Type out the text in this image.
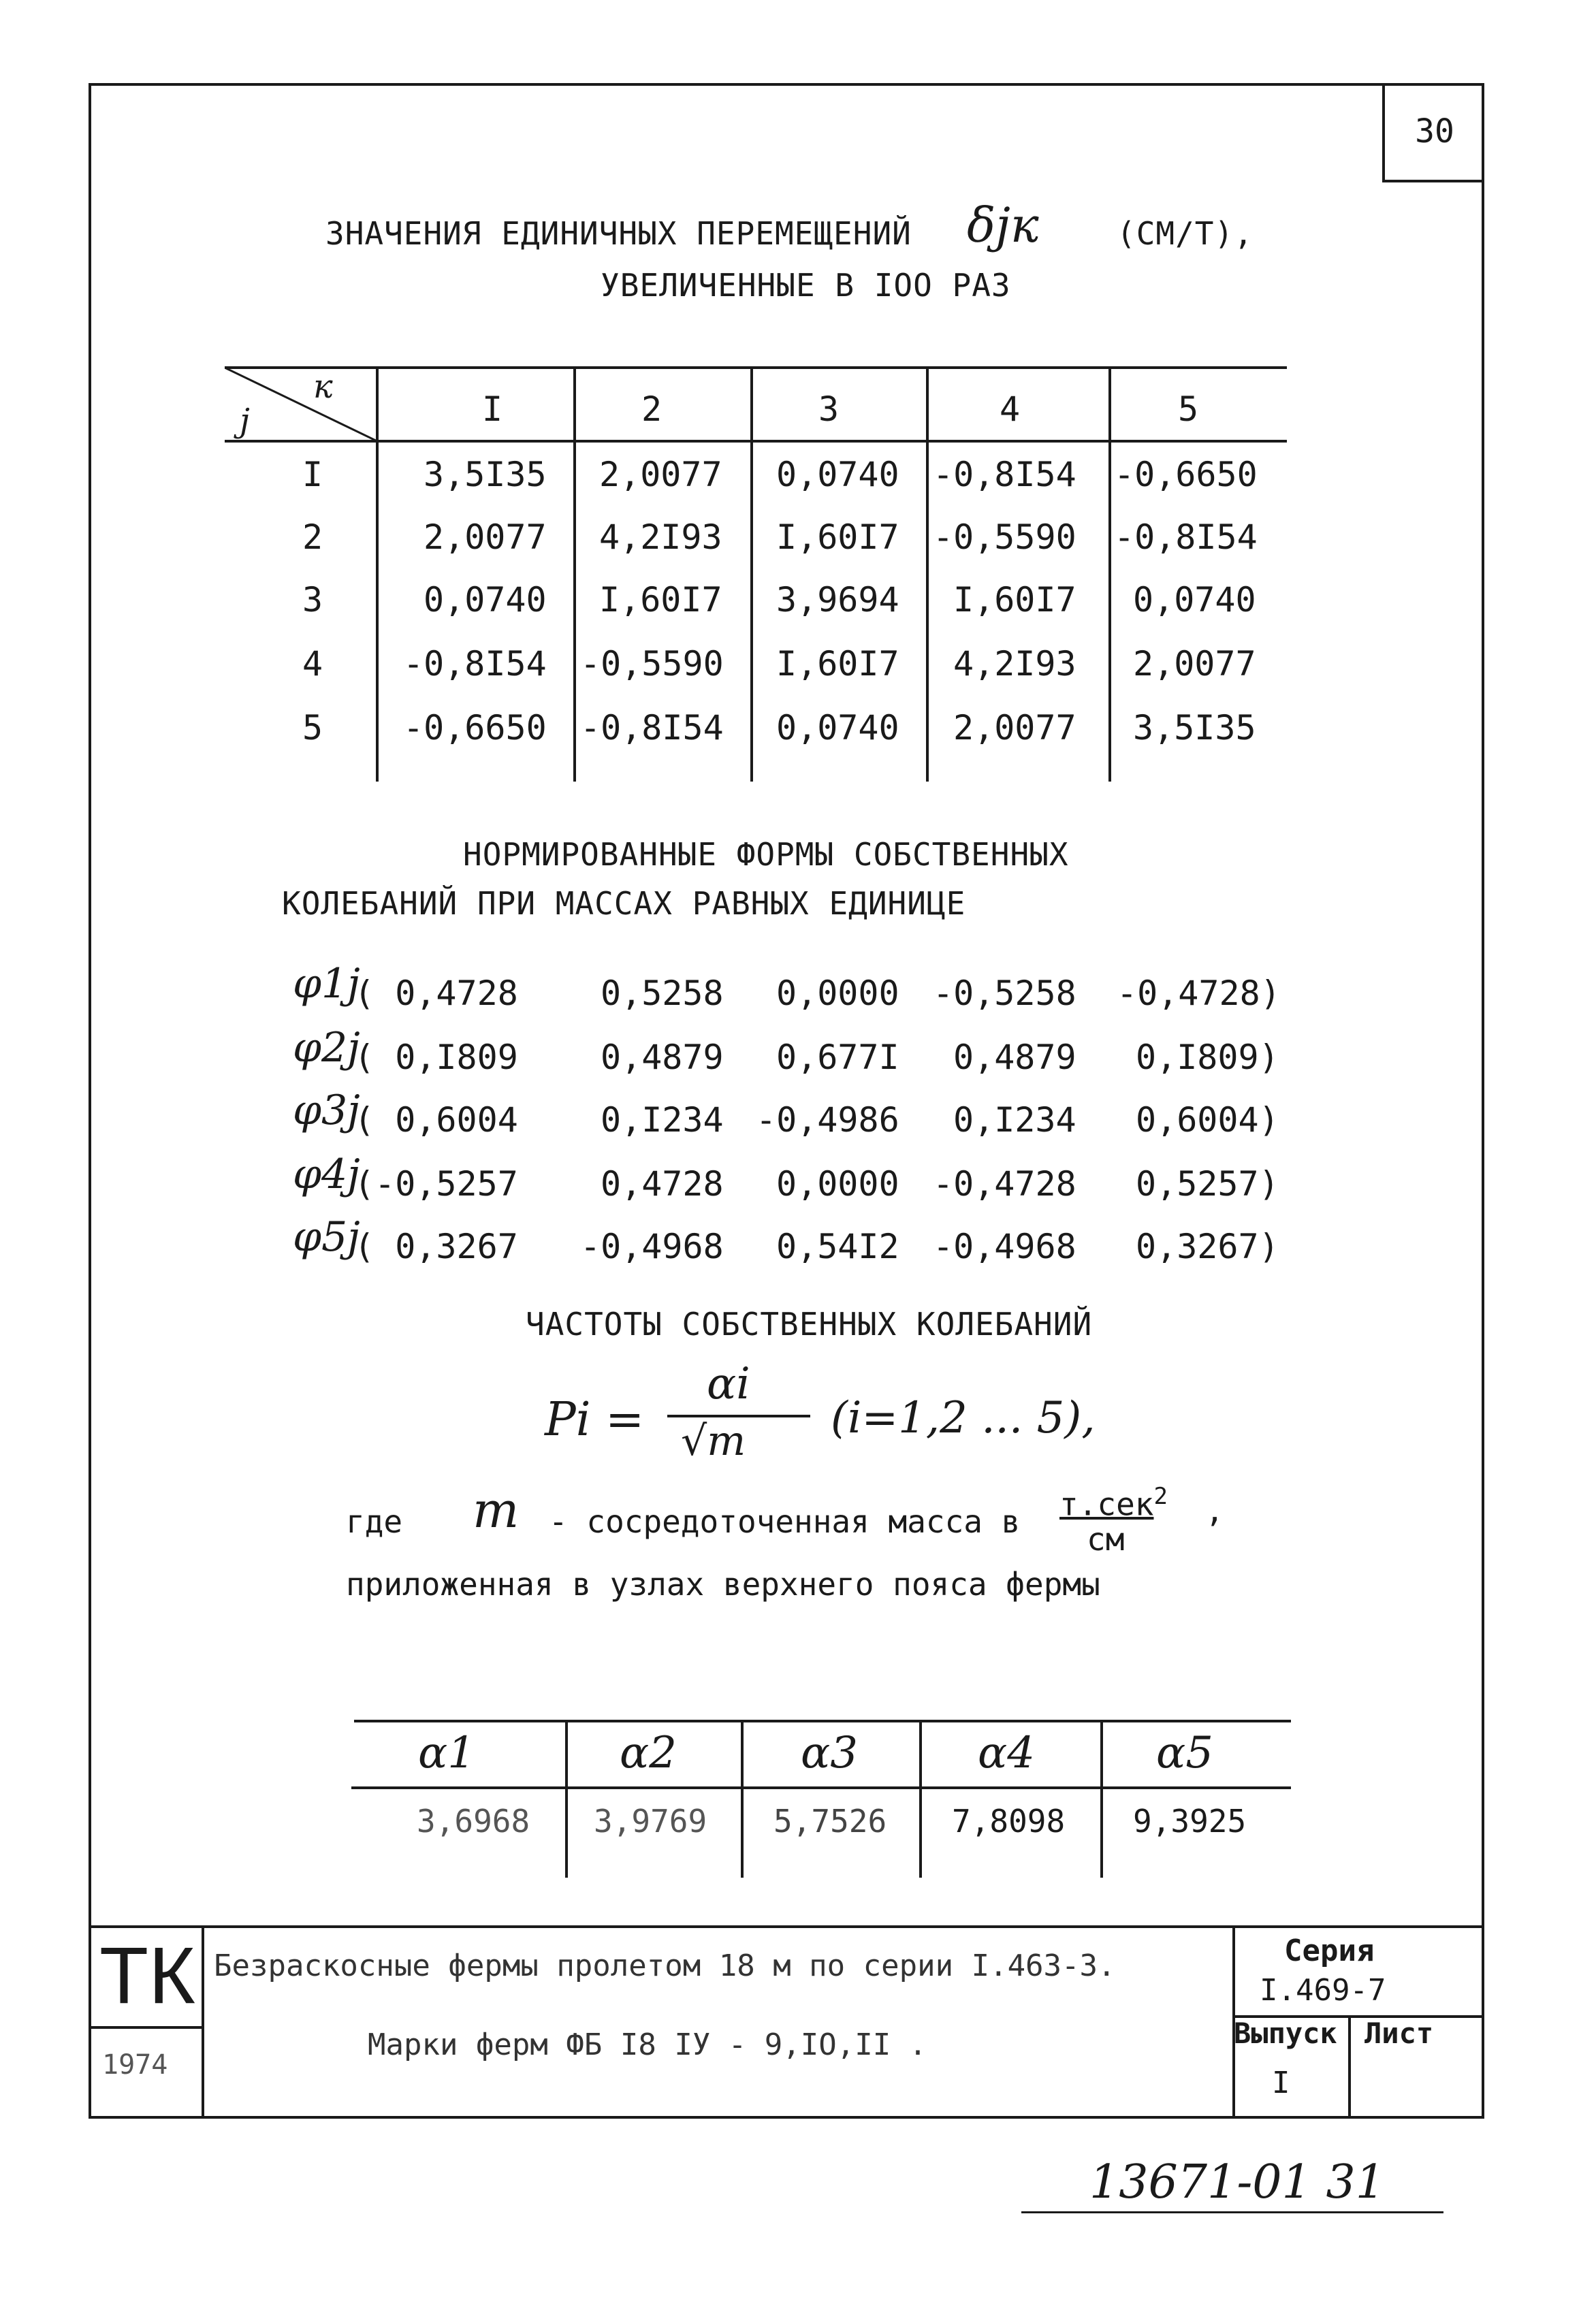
30
ЗНАЧЕНИЯ ЕДИНИЧНЫХ ПЕРЕМЕЩЕНИЙ δjк (СМ/Т),
УВЕЛИЧЕННЫЕ В IOO РАЗ
к
j	I	2	3	4	5
I	3,5I35 2,0077 0,0740 -0,8I54 -0,6650
2	2,0077 4,2I93 I,60I7 -0,5590 -0,8I54
3	0,0740 I,60I7 3,9694 I,60I7 0,0740
4 -0,8I54 -0,5590 I,60I7 4,2I93 2,0077
5 -0,6650 -0,8I54 0,0740 2,0077 3,5I35
НОРМИРОВАННЫЕ ФОРМЫ СОБСТВЕННЫХ
КОЛЕБАНИЙ ПРИ МАССАХ РАВНЫХ ЕДИНИЦЕ
φ1j
( 0,4728 0,5258 0,0000 -0,5258 -0,4728)
φ2j
( 0,I809 0,4879 0,677I 0,4879 0,I809)
φ3j
( 0,6004 0,I234 -0,4986 0,I234 0,6004)
φ4j
(-0,5257 0,4728 0,0000 -0,4728 0,5257)
φ5j
( 0,3267 -0,4968 0,54I2 -0,4968 0,3267)
ЧАСТОТЫ СОБСТВЕННЫХ КОЛЕБАНИЙ
Pi =
αi
√m (i=1,2 ... 5),
где m - сосредоточенная масса в т.сек$^2$
см
,
приложенная в узлах верхнего пояса фермы
α1	α2	α3	α4	α5
3,6968 3,9769 5,7526 7,8098 9,3925
ТК
1974
Безраскосные фермы пролетом 18 м по серии I.463-3.
Марки ферм ФБ I8 IУ - 9,IO,II .
Серия
I.469-7
Выпуск
I
Лист
13671-01 31
